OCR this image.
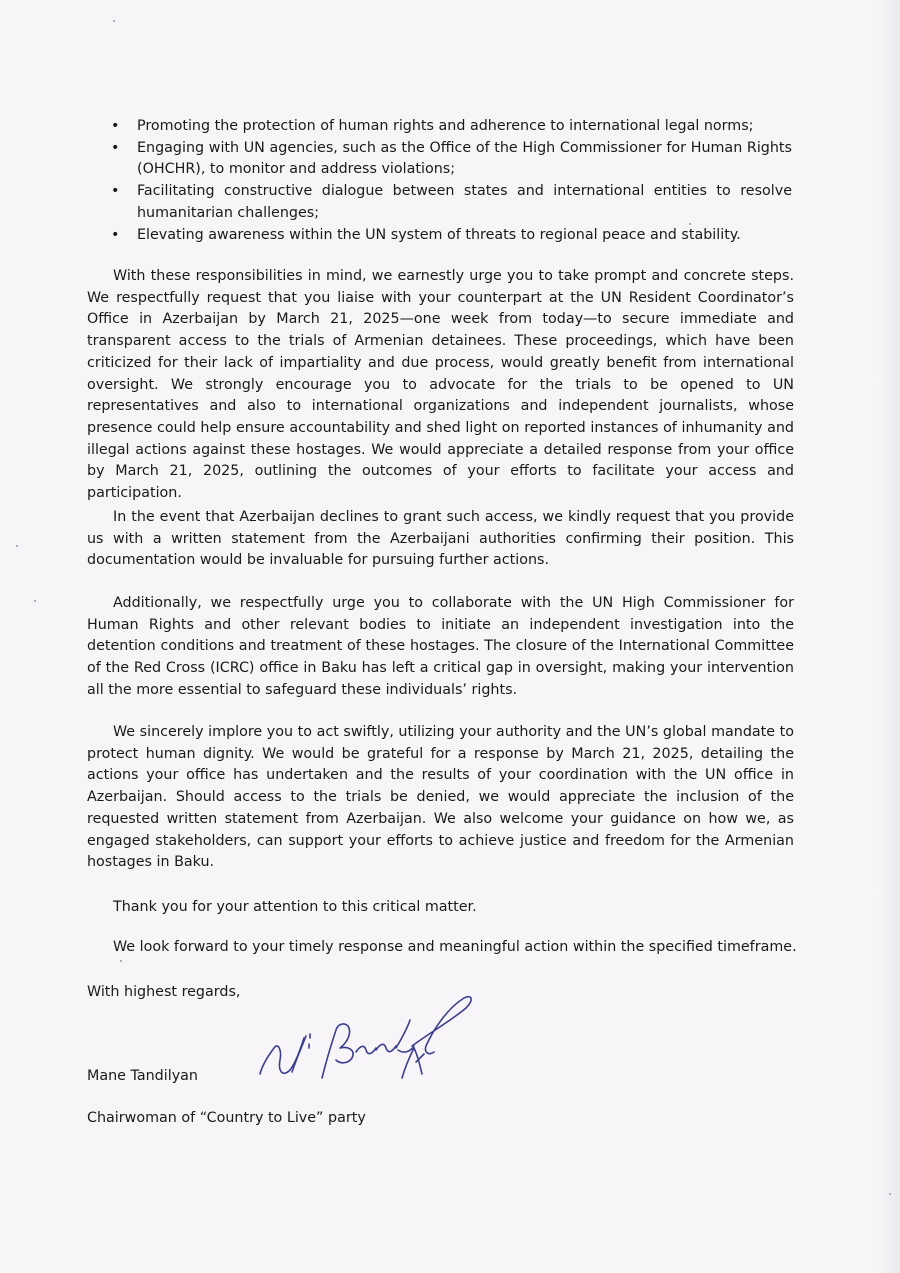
• Promoting the protection of human rights and adherence to international legal norms;
• Engaging with UN agencies, such as the Office of the High Commissioner for Human Rights (OHCHR), to monitor and address violations;
• Facilitating constructive dialogue between states and international entities to resolve humanitarian challenges;
• Elevating awareness within the UN system of threats to regional peace and stability.

With these responsibilities in mind, we earnestly urge you to take prompt and concrete steps. We respectfully request that you liaise with your counterpart at the UN Resident Coordinator’s Office in Azerbaijan by March 21, 2025—one week from today—to secure immediate and transparent access to the trials of Armenian detainees. These proceedings, which have been criticized for their lack of impartiality and due process, would greatly benefit from international oversight. We strongly encourage you to advocate for the trials to be opened to UN representatives and also to international organizations and independent journalists, whose presence could help ensure accountability and shed light on reported instances of inhumanity and illegal actions against these hostages. We would appreciate a detailed response from your office by March 21, 2025, outlining the outcomes of your efforts to facilitate your access and participation.

In the event that Azerbaijan declines to grant such access, we kindly request that you provide us with a written statement from the Azerbaijani authorities confirming their position. This documentation would be invaluable for pursuing further actions.

Additionally, we respectfully urge you to collaborate with the UN High Commissioner for Human Rights and other relevant bodies to initiate an independent investigation into the detention conditions and treatment of these hostages. The closure of the International Committee of the Red Cross (ICRC) office in Baku has left a critical gap in oversight, making your intervention all the more essential to safeguard these individuals’ rights.

We sincerely implore you to act swiftly, utilizing your authority and the UN’s global mandate to protect human dignity. We would be grateful for a response by March 21, 2025, detailing the actions your office has undertaken and the results of your coordination with the UN office in Azerbaijan. Should access to the trials be denied, we would appreciate the inclusion of the requested written statement from Azerbaijan. We also welcome your guidance on how we, as engaged stakeholders, can support your efforts to achieve justice and freedom for the Armenian hostages in Baku.

Thank you for your attention to this critical matter.

We look forward to your timely response and meaningful action within the specified timeframe.

With highest regards,

Mane Tandilyan

Chairwoman of “Country to Live” party
